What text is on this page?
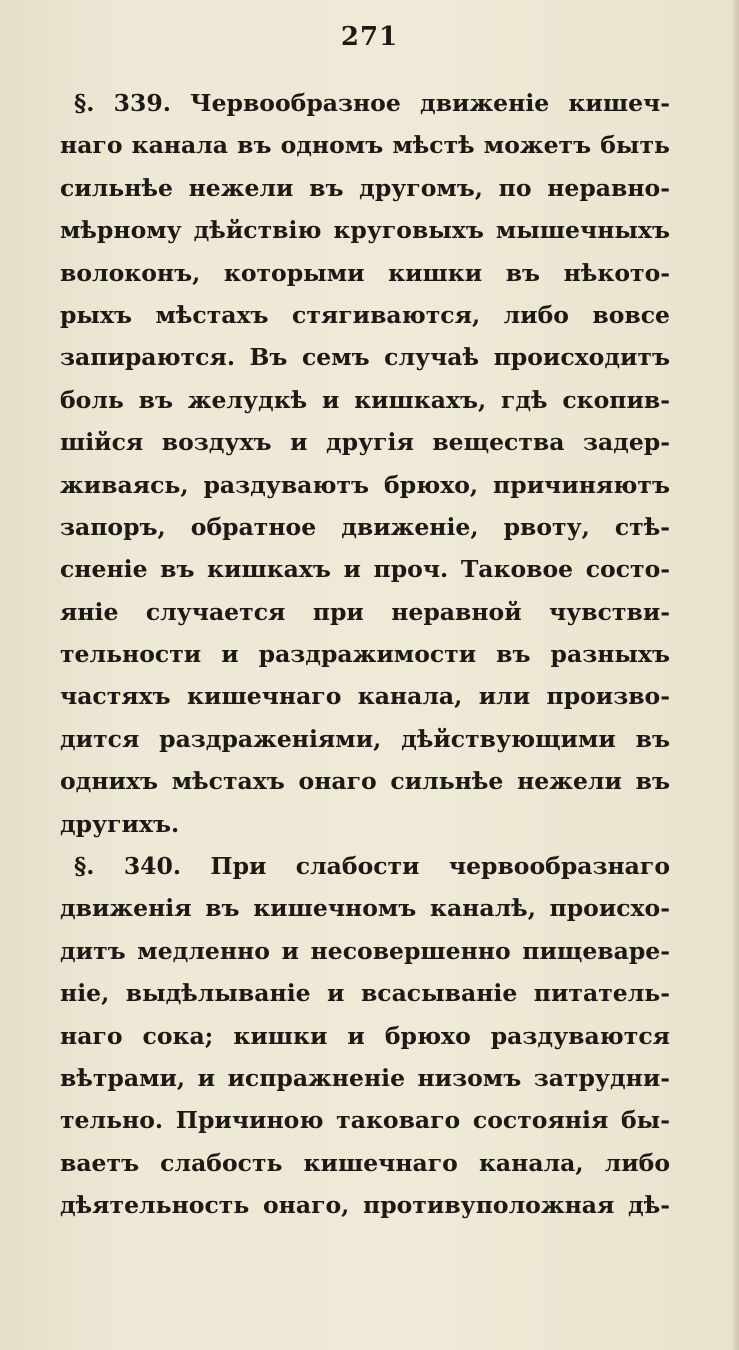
271
§. 339. Червообразное движеніе кишеч-
наго канала въ одномъ мѣстѣ можетъ быть
сильнѣе нежели въ другомъ, по неравно-
мѣрному дѣйствію круговыхъ мышечныхъ
волоконъ, которыми кишки въ нѣкото-
рыхъ мѣстахъ стягиваются, либо вовсе
запираются. Въ семъ случаѣ происходитъ
боль въ желудкѣ и кишкахъ, гдѣ скопив-
шійся воздухъ и другія вещества задер-
живаясь, раздуваютъ брюхо, причиняютъ
запоръ, обратное движеніе, рвоту, стѣ-
сненіе въ кишкахъ и проч. Таковое состо-
яніе случается при неравной чувстви-
тельности и раздражимости въ разныхъ
частяхъ кишечнаго канала, или произво-
дится раздраженіями, дѣйствующими въ
однихъ мѣстахъ онаго сильнѣе нежели въ
другихъ.
§. 340. При слабости червообразнаго
движенія въ кишечномъ каналѣ, происхо-
дитъ медленно и несовершенно пищеваре-
ніе, выдѣлываніе и всасываніе питатель-
наго сока; кишки и брюхо раздуваются
вѣтрами, и испражненіе низомъ затрудни-
тельно. Причиною таковаго состоянія бы-
ваетъ слабость кишечнаго канала, либо
дѣятельность онаго, противуположная дѣ-
